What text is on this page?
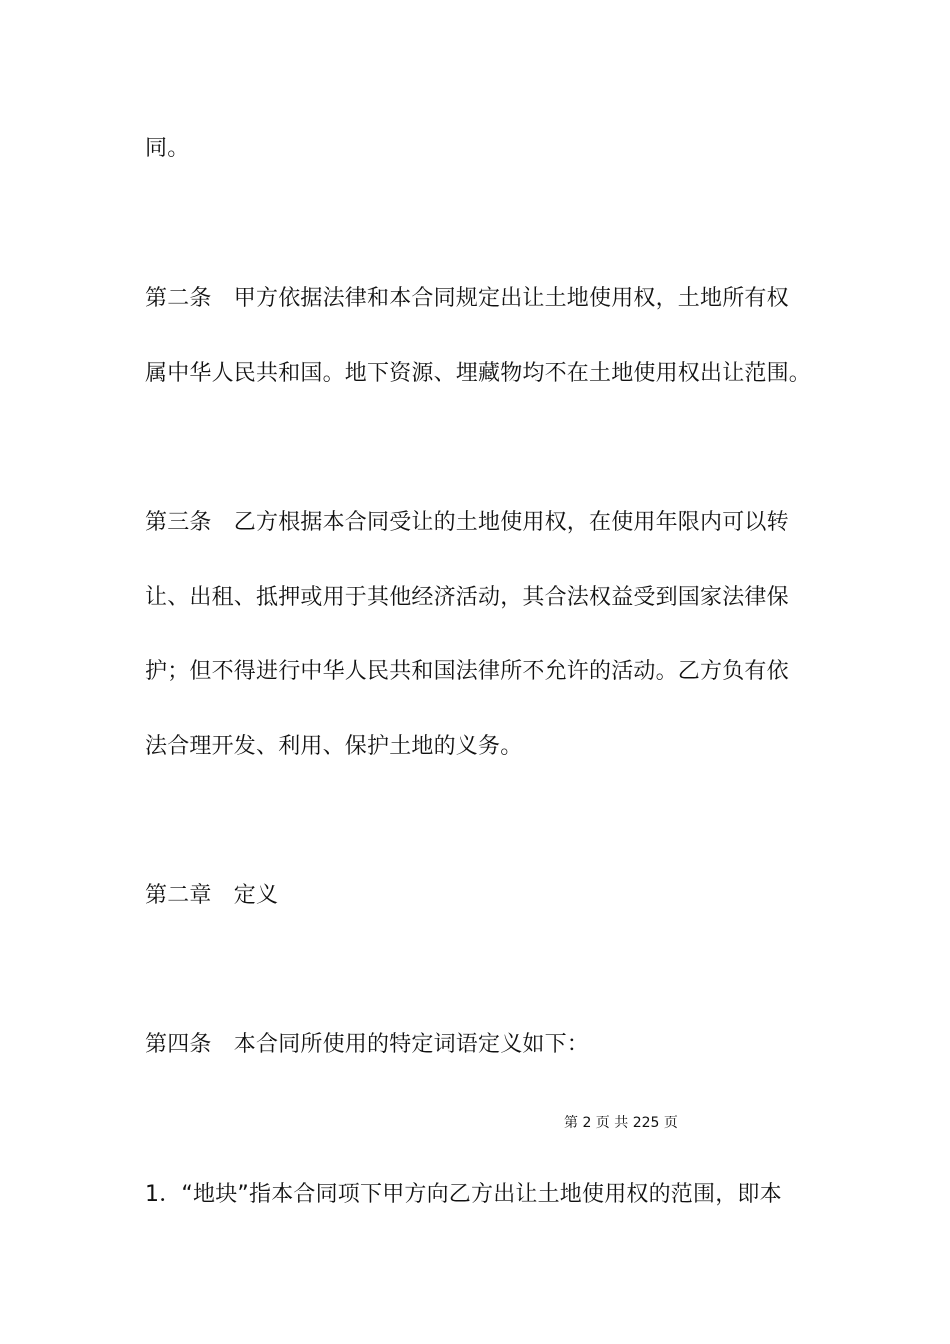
同。
第二条　甲方依据法律和本合同规定出让土地使用权，土地所有权
属中华人民共和国。地下资源、埋藏物均不在土地使用权出让范围。
第三条　乙方根据本合同受让的土地使用权，在使用年限内可以转
让、出租、抵押或用于其他经济活动，其合法权益受到国家法律保
护；但不得进行中华人民共和国法律所不允许的活动。乙方负有依
法合理开发、利用、保护土地的义务。
第二章　定义
第四条　本合同所使用的特定词语定义如下：
第 2 页 共 225 页
1．“地块”指本合同项下甲方向乙方出让土地使用权的范围，即本
